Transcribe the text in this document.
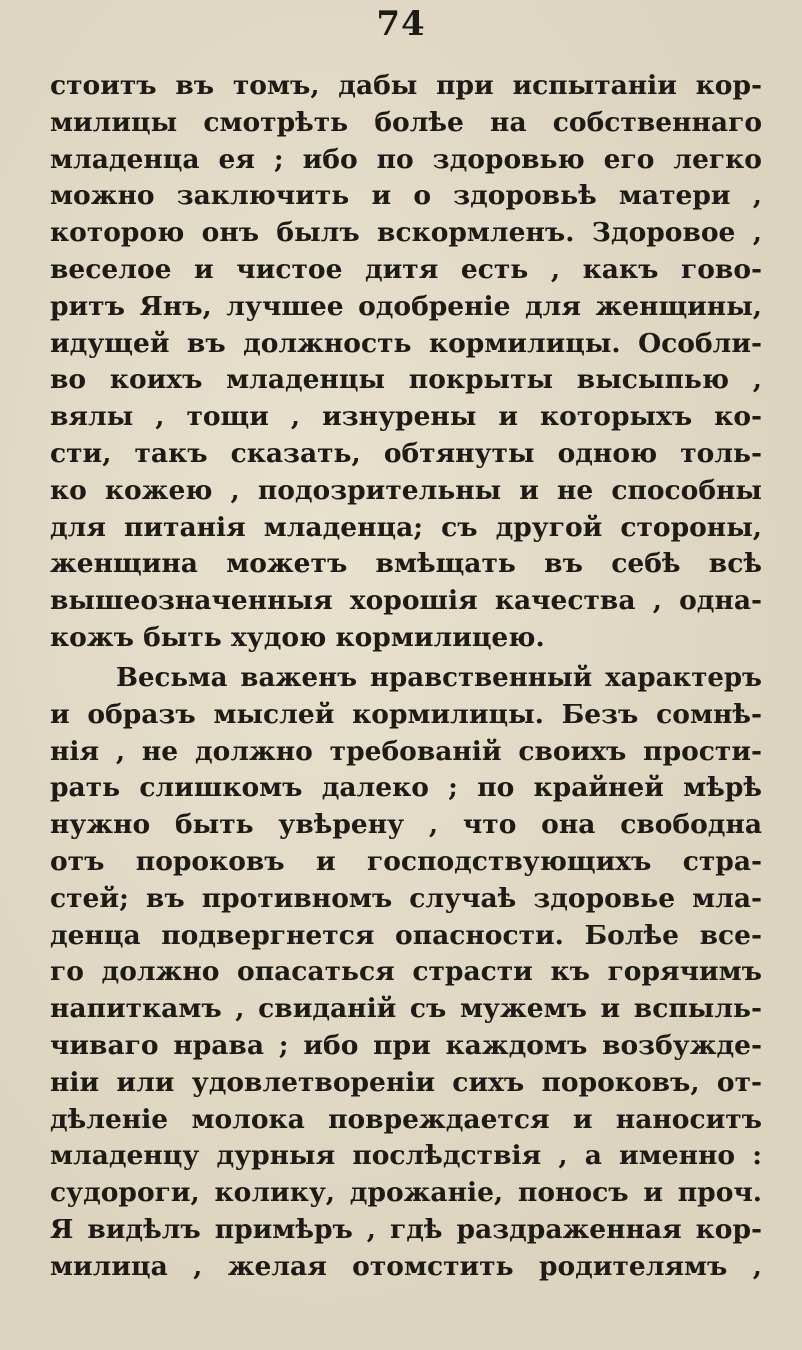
74
стоитъ въ томъ, дабы при испытаніи кор-
милицы смотрѣть болѣе на собственнаго
младенца ея ; ибо по здоровью его легко
можно заключить и о здоровьѣ матери ,
которою онъ былъ вскормленъ. Здоровое ,
веселое и чистое дитя есть , какъ гово-
ритъ Янъ, лучшее одобреніе для женщины,
идущей въ должность кормилицы. Особли-
во коихъ младенцы покрыты высыпью ,
вялы , тощи , изнурены и которыхъ ко-
сти, такъ сказать, обтянуты одною толь-
ко кожею , подозрительны и не способны
для питанія младенца; съ другой стороны,
женщина можетъ вмѣщать въ себѣ всѣ
вышеозначенныя хорошія качества , одна-
кожъ быть худою кормилицею.
Весьма важенъ нравственный характеръ
и образъ мыслей кормилицы. Безъ сомнѣ-
нія , не должно требованій своихъ прости-
рать слишкомъ далеко ; по крайней мѣрѣ
нужно быть увѣрену , что она свободна
отъ пороковъ и господствующихъ стра-
стей; въ противномъ случаѣ здоровье мла-
денца подвергнется опасности. Болѣе все-
го должно опасаться страсти къ горячимъ
напиткамъ , свиданій съ мужемъ и вспыль-
чиваго нрава ; ибо при каждомъ возбужде-
ніи или удовлетвореніи сихъ пороковъ, от-
дѣленіе молока повреждается и наноситъ
младенцу дурныя послѣдствія , а именно :
судороги, колику, дрожаніе, поносъ и проч.
Я видѣлъ примѣръ , гдѣ раздраженная кор-
милица , желая отомстить родителямъ ,
